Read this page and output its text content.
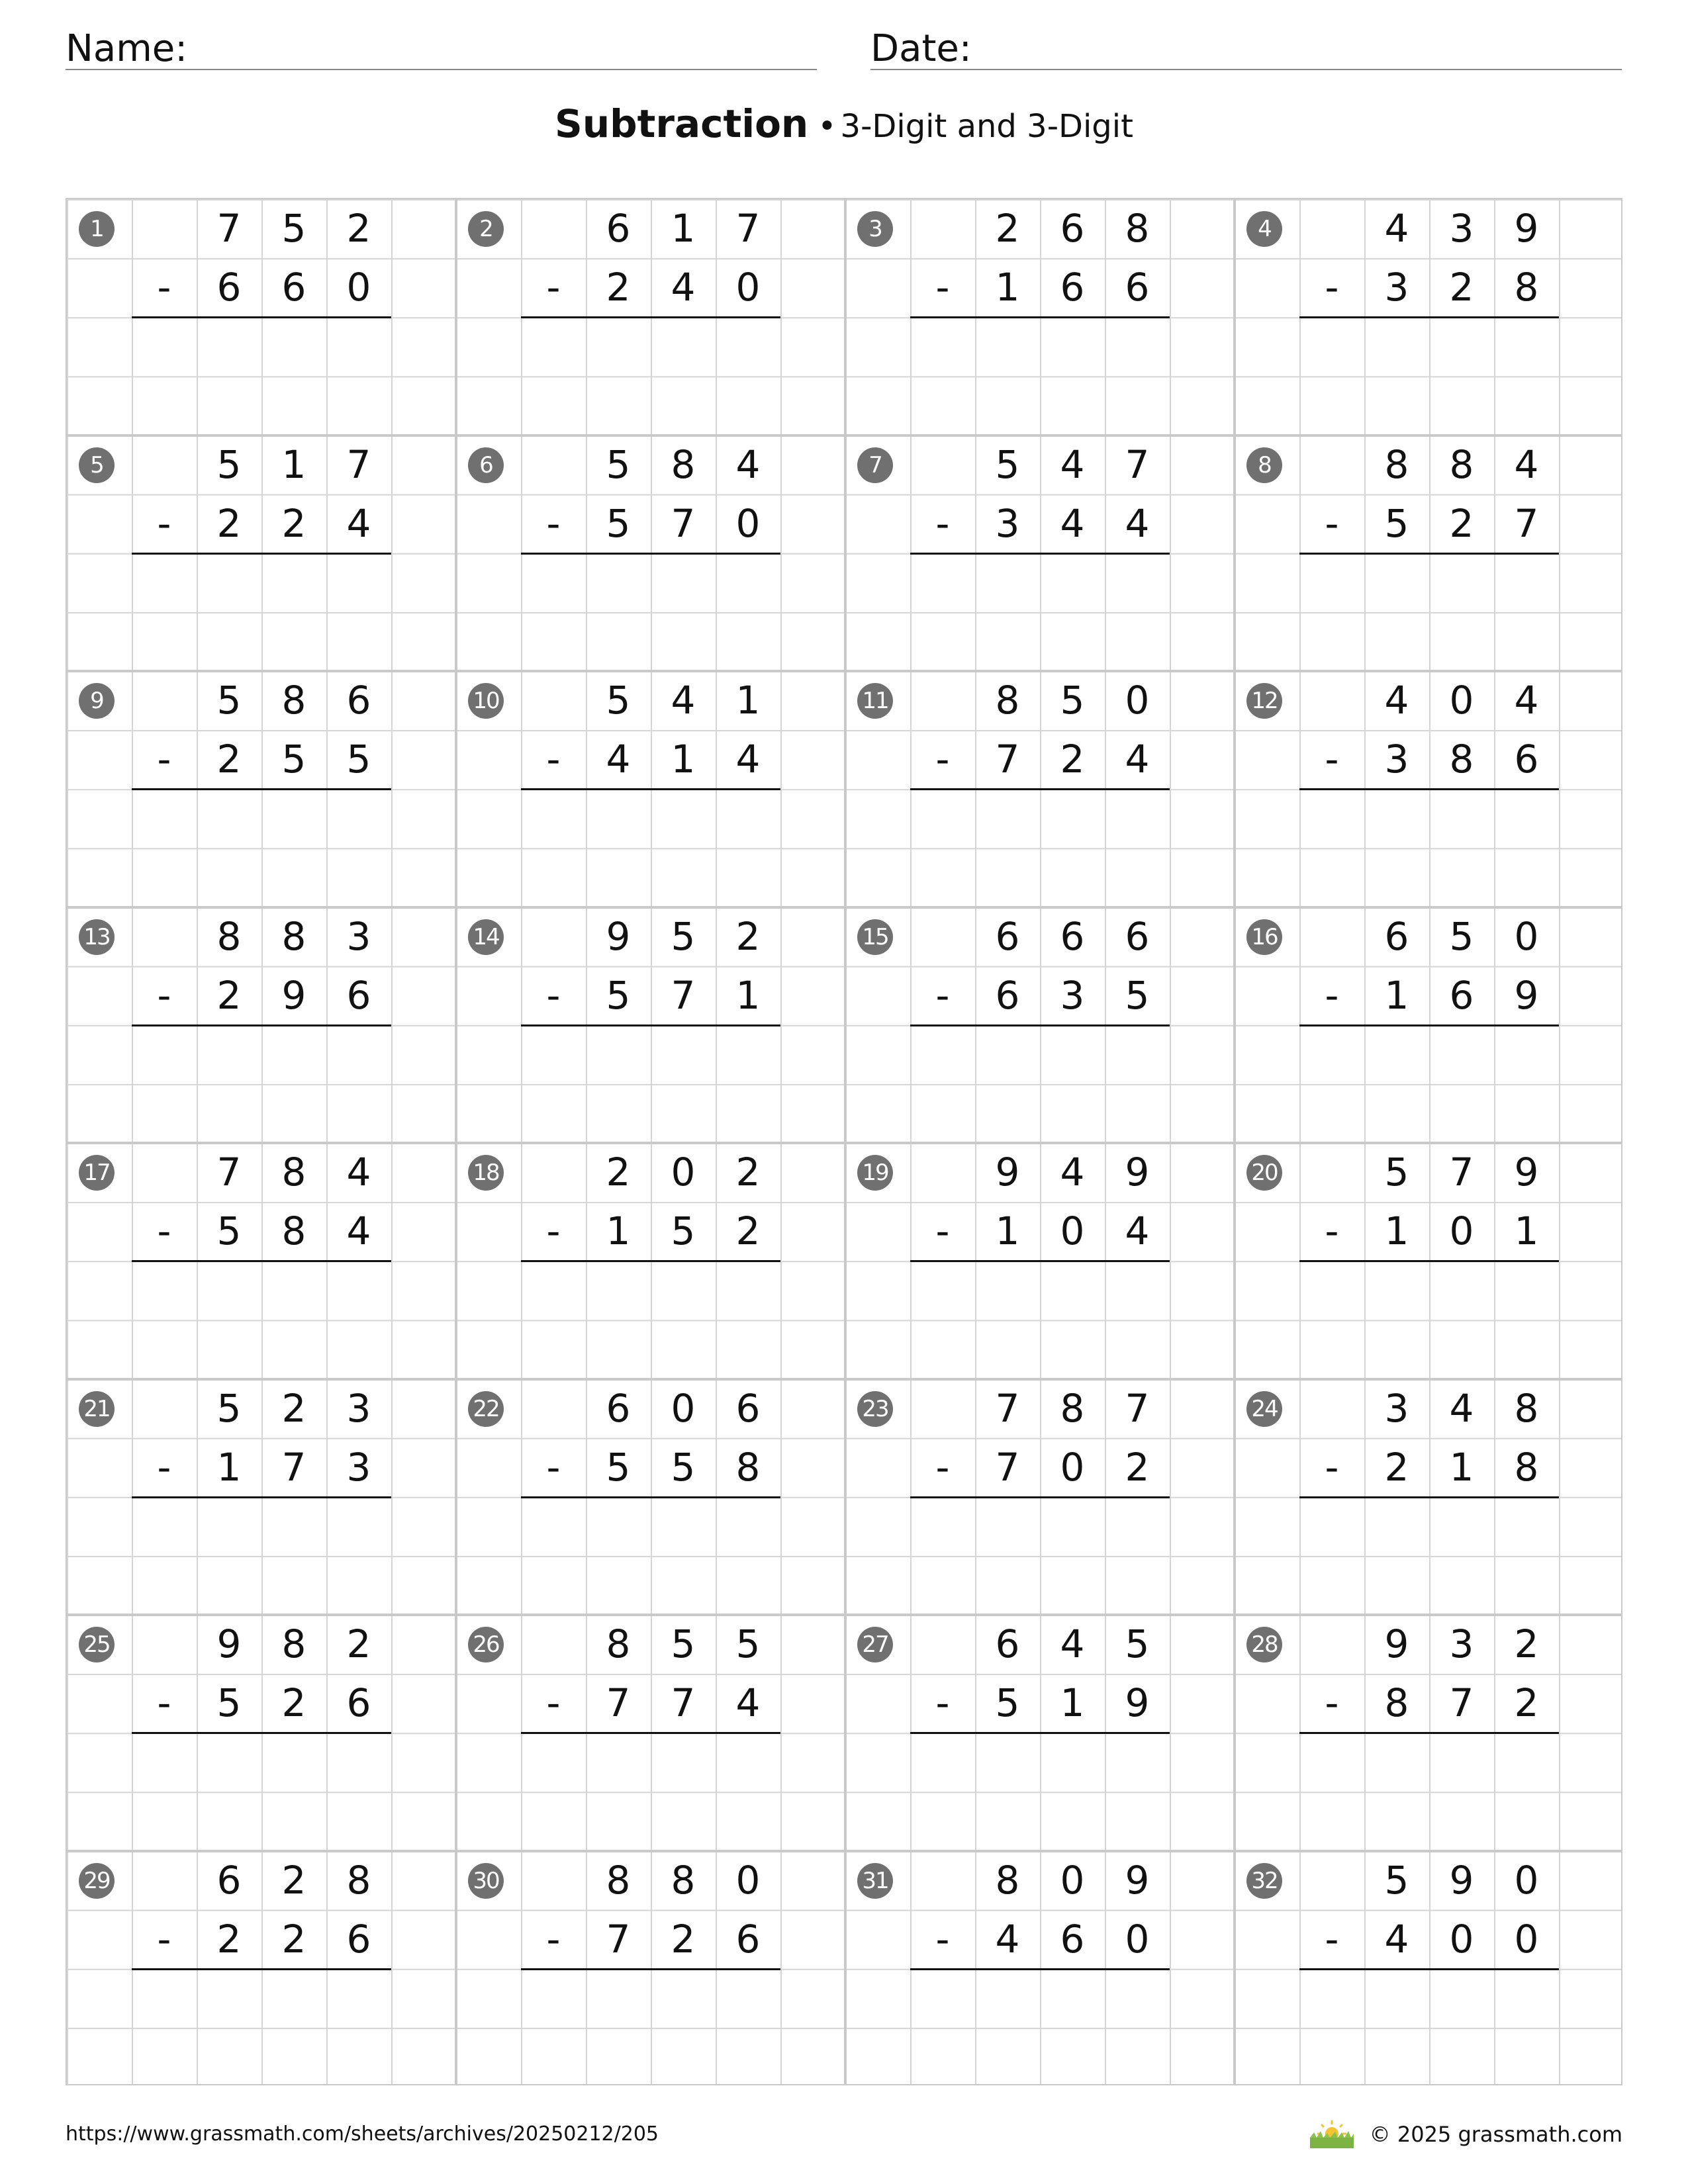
Name:	Date:
Subtraction • 3-Digit and 3-Digit
1	7	5	2
-	6	6	0
2	6	1	7
-	2	4	0
3	2	6	8
-	1	6	6
4	4	3	9
-	3	2	8
5	5	1	7
-	2	2	4
6	5	8	4
-	5	7	0
7	5	4	7
-	3	4	4
8	8	8	4
-	5	2	7
9	5	8	6
-	2	5	5
10	5	4	1
-	4	1	4
11	8	5	0
-	7	2	4
12	4	0	4
-	3	8	6
13	8	8	3
-	2	9	6
14	9	5	2
-	5	7	1
15	6	6	6
-	6	3	5
16	6	5	0
-	1	6	9
17	7	8	4
-	5	8	4
18	2	0	2
-	1	5	2
19	9	4	9
-	1	0	4
20	5	7	9
-	1	0	1
21	5	2	3
-	1	7	3
22	6	0	6
-	5	5	8
23	7	8	7
-	7	0	2
24	3	4	8
-	2	1	8
25	9	8	2
-	5	2	6
26	8	5	5
-	7	7	4
27	6	4	5
-	5	1	9
28	9	3	2
-	8	7	2
29	6	2	8
-	2	2	6
30	8	8	0
-	7	2	6
31	8	0	9
-	4	6	0
32	5	9	0
-	4	0	0
https://www.grassmath.com/sheets/archives/20250212/205	© 2025 grassmath.com
